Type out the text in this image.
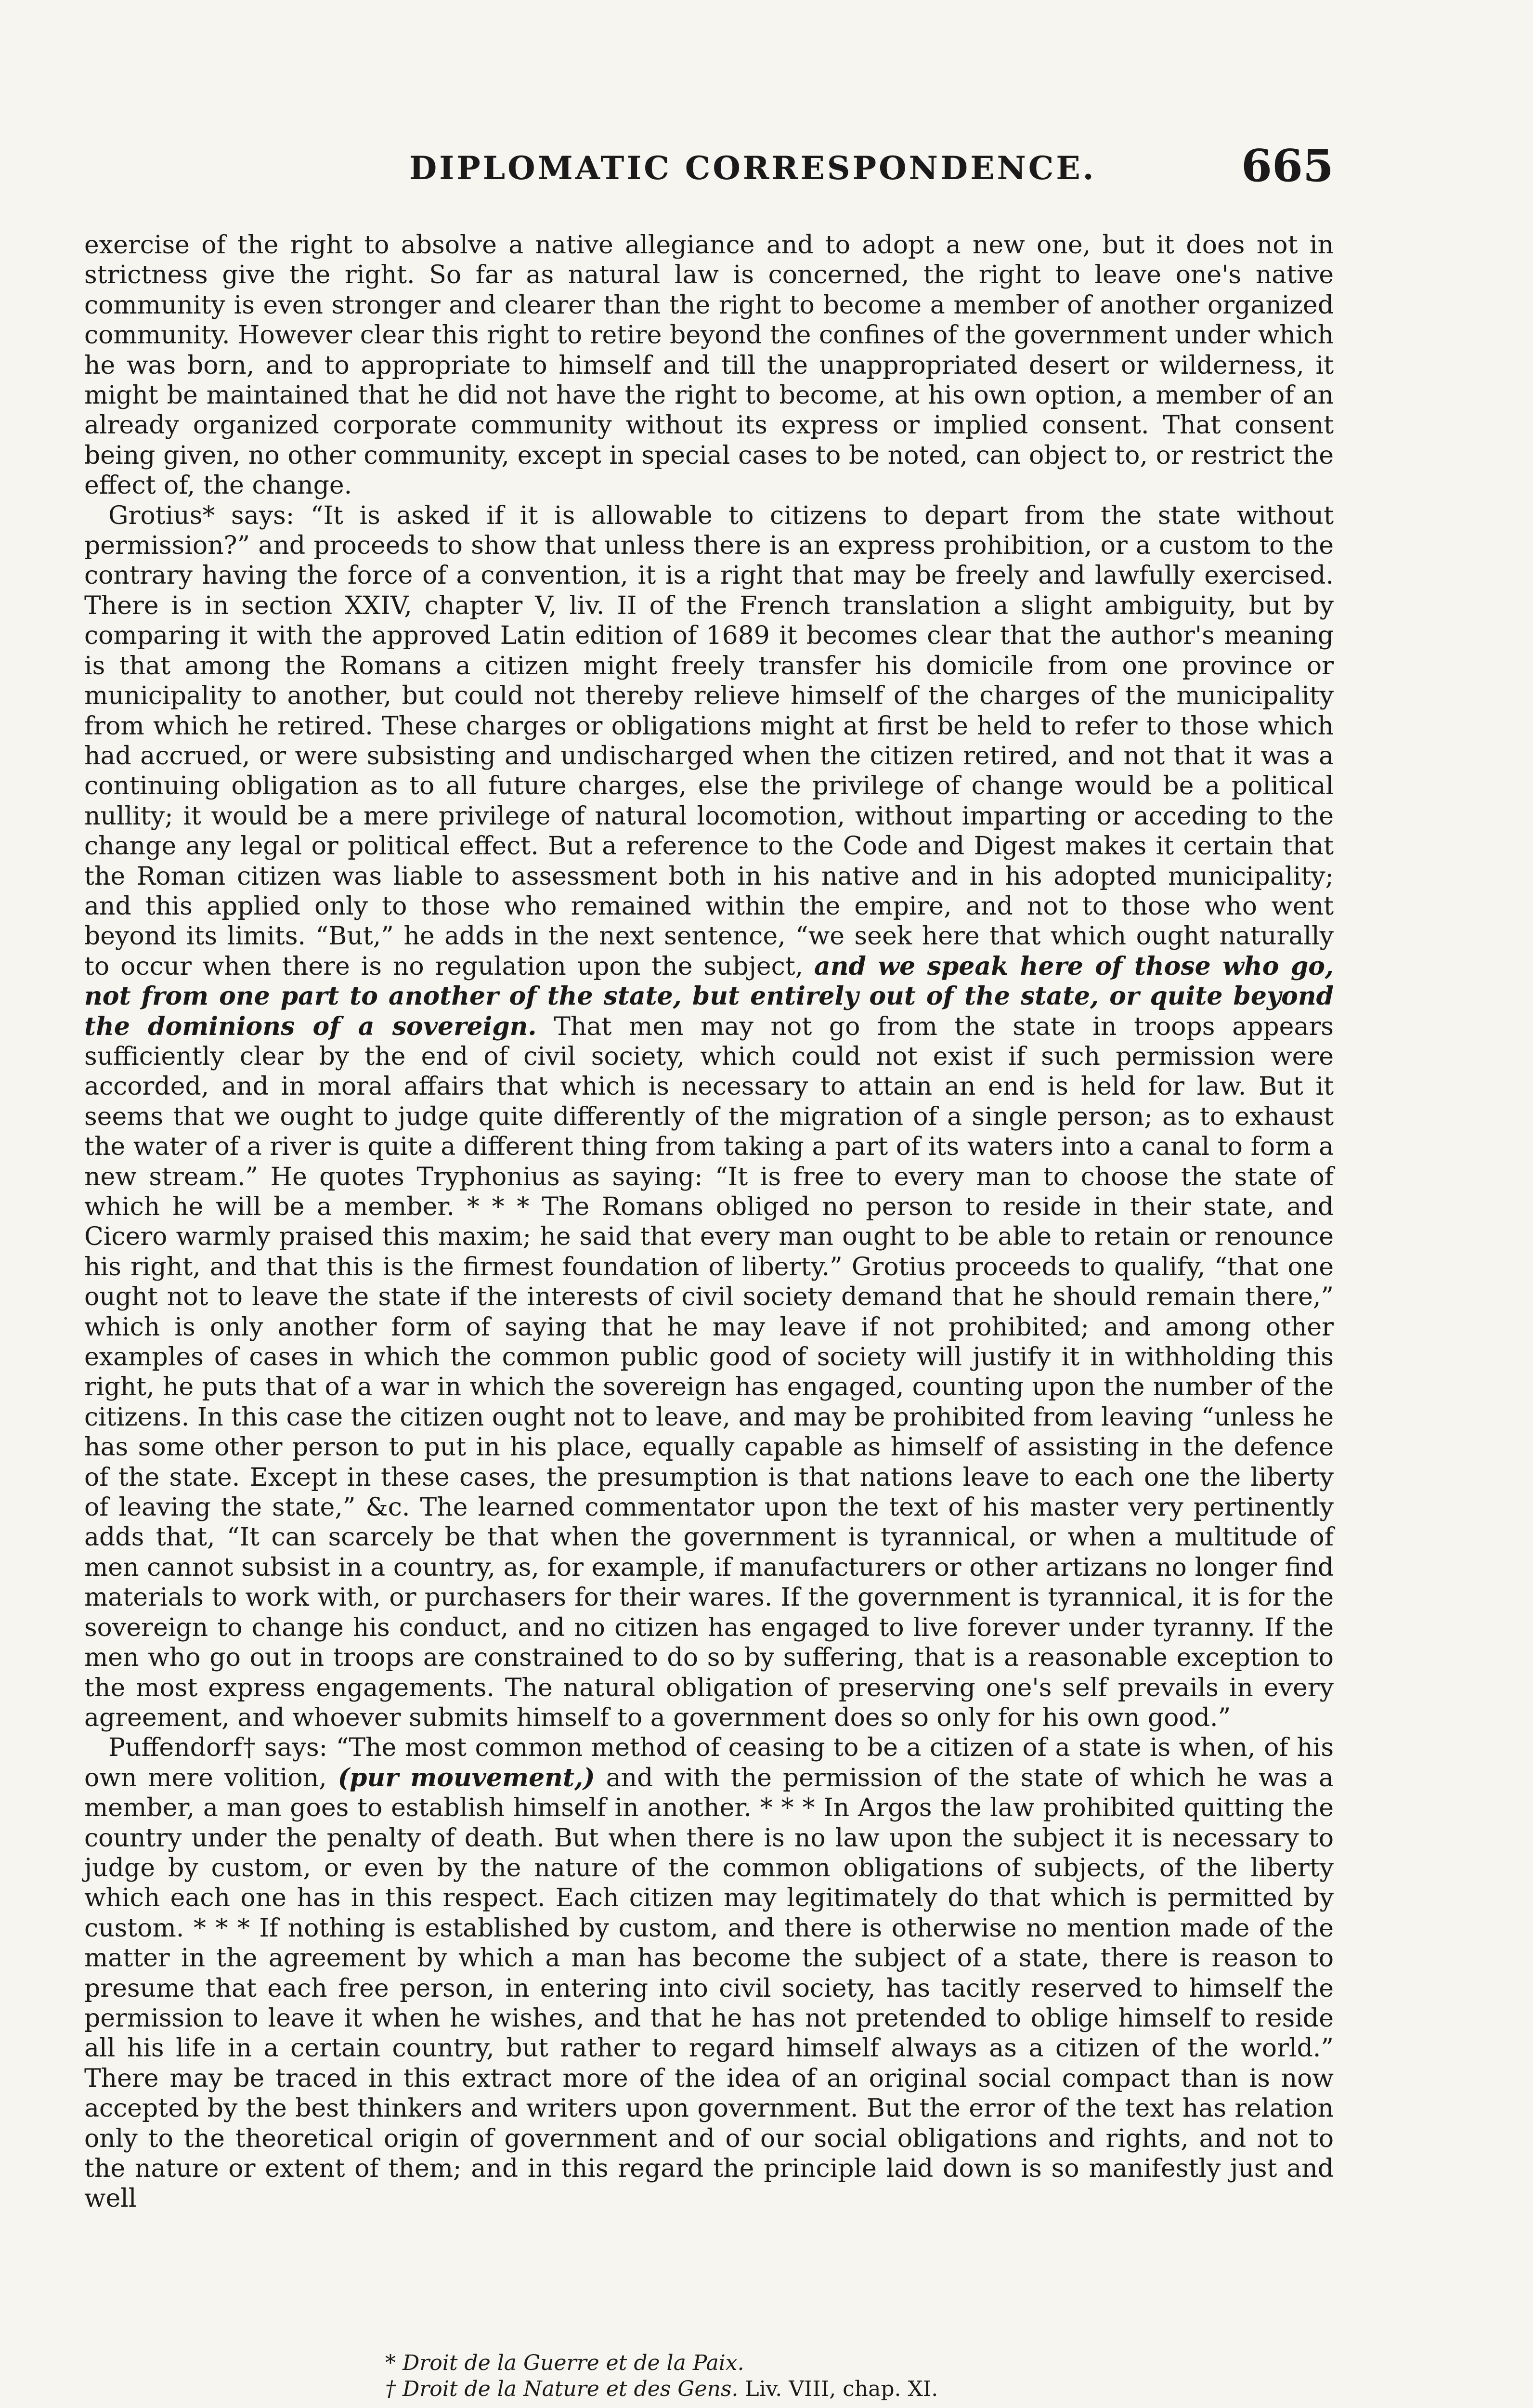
DIPLOMATIC CORRESPONDENCE.	665

exercise of the right to absolve a native allegiance and to adopt a new one, but it does not in strictness give the right. So far as natural law is concerned, the right to leave one's native community is even stronger and clearer than the right to become a member of another organized community. However clear this right to retire beyond the confines of the government under which he was born, and to appropriate to himself and till the unappropriated desert or wilderness, it might be maintained that he did not have the right to become, at his own option, a member of an already organized corporate community without its express or implied consent. That consent being given, no other community, except in special cases to be noted, can object to, or restrict the effect of, the change.

Grotius* says: “It is asked if it is allowable to citizens to depart from the state without permission?” and proceeds to show that unless there is an express prohibition, or a custom to the contrary having the force of a convention, it is a right that may be freely and lawfully exercised. There is in section XXIV, chapter V, liv. II of the French translation a slight ambiguity, but by comparing it with the approved Latin edition of 1689 it becomes clear that the author's meaning is that among the Romans a citizen might freely transfer his domicile from one province or municipality to another, but could not thereby relieve himself of the charges of the municipality from which he retired. These charges or obligations might at first be held to refer to those which had accrued, or were subsisting and undischarged when the citizen retired, and not that it was a continuing obligation as to all future charges, else the privilege of change would be a political nullity; it would be a mere privilege of natural locomotion, without imparting or acceding to the change any legal or political effect. But a reference to the Code and Digest makes it certain that the Roman citizen was liable to assessment both in his native and in his adopted municipality; and this applied only to those who remained within the empire, and not to those who went beyond its limits. “But,” he adds in the next sentence, “we seek here that which ought naturally to occur when there is no regulation upon the subject, and we speak here of those who go, not from one part to another of the state, but entirely out of the state, or quite beyond the dominions of a sovereign. That men may not go from the state in troops appears sufficiently clear by the end of civil society, which could not exist if such permission were accorded, and in moral affairs that which is necessary to attain an end is held for law. But it seems that we ought to judge quite differently of the migration of a single person; as to exhaust the water of a river is quite a different thing from taking a part of its waters into a canal to form a new stream.” He quotes Tryphonius as saying: “It is free to every man to choose the state of which he will be a member. * * * The Romans obliged no person to reside in their state, and Cicero warmly praised this maxim; he said that every man ought to be able to retain or renounce his right, and that this is the firmest foundation of liberty.” Grotius proceeds to qualify, “that one ought not to leave the state if the interests of civil society demand that he should remain there,” which is only another form of saying that he may leave if not prohibited; and among other examples of cases in which the common public good of society will justify it in withholding this right, he puts that of a war in which the sovereign has engaged, counting upon the number of the citizens. In this case the citizen ought not to leave, and may be prohibited from leaving “unless he has some other person to put in his place, equally capable as himself of assisting in the defence of the state. Except in these cases, the presumption is that nations leave to each one the liberty of leaving the state,” &c. The learned commentator upon the text of his master very pertinently adds that, “It can scarcely be that when the government is tyrannical, or when a multitude of men cannot subsist in a country, as, for example, if manufacturers or other artizans no longer find materials to work with, or purchasers for their wares. If the government is tyrannical, it is for the sovereign to change his conduct, and no citizen has engaged to live forever under tyranny. If the men who go out in troops are constrained to do so by suffering, that is a reasonable exception to the most express engagements. The natural obligation of preserving one's self prevails in every agreement, and whoever submits himself to a government does so only for his own good.”

Puffendorf† says: “The most common method of ceasing to be a citizen of a state is when, of his own mere volition, (pur mouvement,) and with the permission of the state of which he was a member, a man goes to establish himself in another. * * * In Argos the law prohibited quitting the country under the penalty of death. But when there is no law upon the subject it is necessary to judge by custom, or even by the nature of the common obligations of subjects, of the liberty which each one has in this respect. Each citizen may legitimately do that which is permitted by custom. * * * If nothing is established by custom, and there is otherwise no mention made of the matter in the agreement by which a man has become the subject of a state, there is reason to presume that each free person, in entering into civil society, has tacitly reserved to himself the permission to leave it when he wishes, and that he has not pretended to oblige himself to reside all his life in a certain country, but rather to regard himself always as a citizen of the world.” There may be traced in this extract more of the idea of an original social compact than is now accepted by the best thinkers and writers upon government. But the error of the text has relation only to the theoretical origin of government and of our social obligations and rights, and not to the nature or extent of them; and in this regard the principle laid down is so manifestly just and well

* Droit de la Guerre et de la Paix.
† Droit de la Nature et des Gens. Liv. VIII, chap. XI.
